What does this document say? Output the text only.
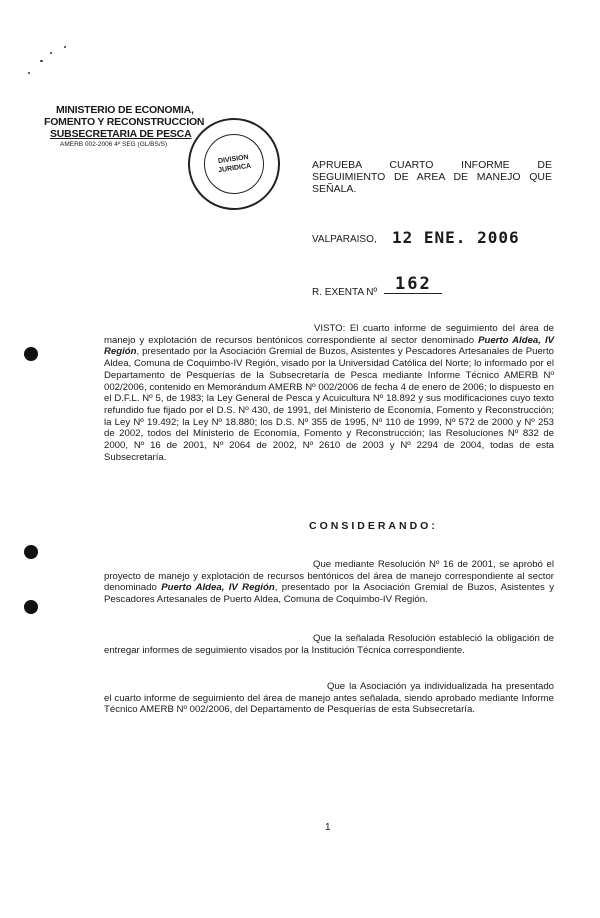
MINISTERIO DE ECONOMIA,
FOMENTO Y RECONSTRUCCION
SUBSECRETARIA DE PESCA
AMERB 002-2006 4º SEG (GL/BS/S)
DIVISION
JURIDICA	APRUEBA CUARTO INFORME DE SEGUIMIENTO DE AREA DE MANEJO QUE SEÑALA.
VALPARAISO, 12 ENE. 2006
R. EXENTA Nº 162
VISTO: El cuarto informe de seguimiento del área de manejo y explotación de recursos bentónicos correspondiente al sector denominado Puerto Aldea, IV Región, presentado por la Asociación Gremial de Buzos, Asistentes y Pescadores Artesanales de Puerto Aldea, Comuna de Coquimbo-IV Región, visado por la Universidad Católica del Norte; lo informado por el Departamento de Pesquerías de la Subsecretaría de Pesca mediante Informe Técnico AMERB Nº 002/2006, contenido en Memorándum AMERB Nº 002/2006 de fecha 4 de enero de 2006; lo dispuesto en el D.F.L. Nº 5, de 1983; la Ley General de Pesca y Acuicultura Nº 18.892 y sus modificaciones cuyo texto refundido fue fijado por el D.S. Nº 430, de 1991, del Ministerio de Economía, Fomento y Reconstrucción; la Ley Nº 19.492; la Ley Nº 18.880; los D.S. Nº 355 de 1995, Nº 110 de 1999, Nº 572 de 2000 y Nº 253 de 2002, todos del Ministerio de Economía, Fomento y Reconstrucción; las Resoluciones Nº 832 de 2000, Nº 16 de 2001, Nº 2064 de 2002, Nº 2610 de 2003 y Nº 2294 de 2004, todas de esta Subsecretaría.
CONSIDERANDO:
Que mediante Resolución Nº 16 de 2001, se aprobó el proyecto de manejo y explotación de recursos bentónicos del área de manejo correspondiente al sector denominado Puerto Aldea, IV Región, presentado por la Asociación Gremial de Buzos, Asistentes y Pescadores Artesanales de Puerto Aldea, Comuna de Coquimbo-IV Región.
Que la señalada Resolución estableció la obligación de entregar informes de seguimiento visados por la Institución Técnica correspondiente.
Que la Asociación ya individualizada ha presentado el cuarto informe de seguimiento del área de manejo antes señalada, siendo aprobado mediante Informe Técnico AMERB Nº 002/2006, del Departamento de Pesquerías de esta Subsecretaría.
1
